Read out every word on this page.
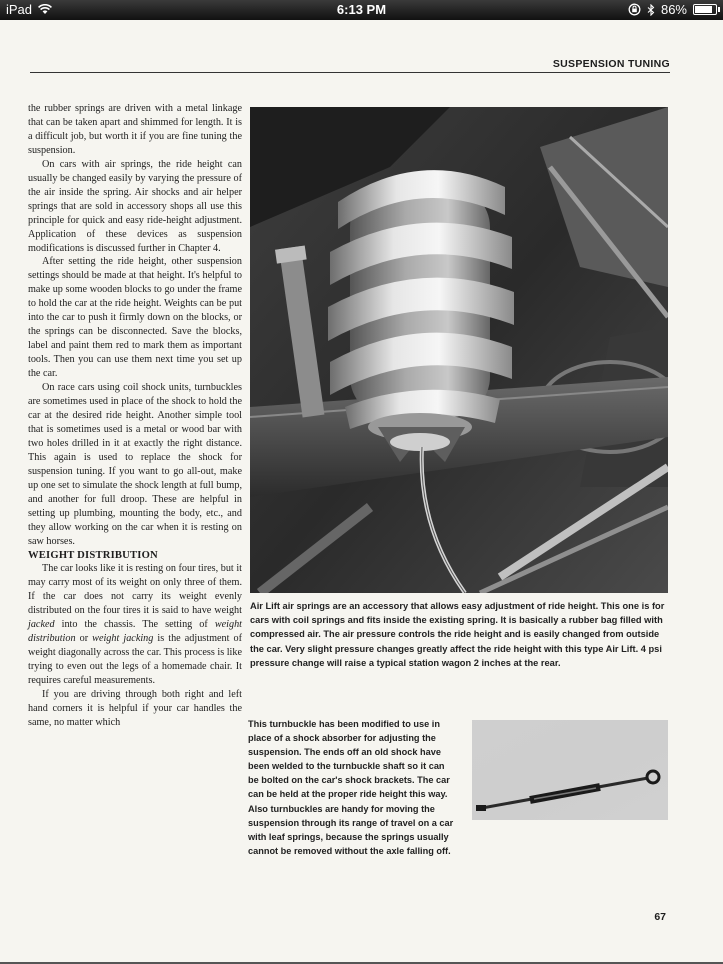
iPad	6:13 PM	86%
SUSPENSION TUNING

the rubber springs are driven with a metal linkage that can be taken apart and shimmed for length. It is a difficult job, but worth it if you are fine tuning the suspension.

On cars with air springs, the ride height can usually be changed easily by varying the pressure of the air inside the spring. Air shocks and air helper springs that are sold in accessory shops all use this principle for quick and easy ride-height adjustment. Application of these devices as suspension modifications is discussed further in Chapter 4.

After setting the ride height, other suspension settings should be made at that height. It's helpful to make up some wooden blocks to go under the frame to hold the car at the ride height. Weights can be put into the car to push it firmly down on the blocks, or the springs can be disconnected. Save the blocks, label and paint them red to mark them as important tools. Then you can use them next time you set up the car.

On race cars using coil shock units, turnbuckles are sometimes used in place of the shock to hold the car at the desired ride height. Another simple tool that is sometimes used is a metal or wood bar with two holes drilled in it at exactly the right distance. This again is used to replace the shock for suspension tuning. If you want to go all-out, make up one set to simulate the shock length at full bump, and another for full droop. These are helpful in setting up plumbing, mounting the body, etc., and they allow working on the car when it is resting on saw horses.

WEIGHT DISTRIBUTION

The car looks like it is resting on four tires, but it may carry most of its weight on only three of them. If the car does not carry its weight evenly distributed on the four tires it is said to have weight jacked into the chassis. The setting of weight distribution or weight jacking is the adjustment of weight diagonally across the car. This process is like trying to even out the legs of a homemade chair. It requires careful measurements.

If you are driving through both right and left hand corners it is helpful if your car handles the same, no matter which

Air Lift air springs are an accessory that allows easy adjustment of ride height. This one is for cars with coil springs and fits inside the existing spring. It is basically a rubber bag filled with compressed air. The air pressure controls the ride height and is easily changed from outside the car. Very slight pressure changes greatly affect the ride height with this type Air Lift. 4 psi pressure change will raise a typical station wagon 2 inches at the rear.
This turnbuckle has been modified to use in place of a shock absorber for adjusting the suspension. The ends off an old shock have been welded to the turnbuckle shaft so it can be bolted on the car's shock brackets. The car can be held at the proper ride height this way. Also turnbuckles are handy for moving the suspension through its range of travel on a car with leaf springs, because the springs usually cannot be removed without the axle falling off.
67
